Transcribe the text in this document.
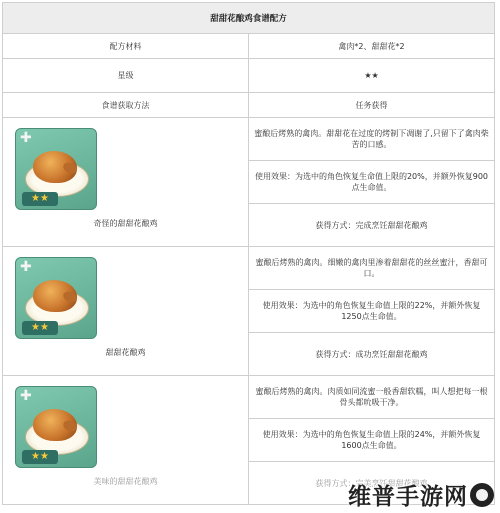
甜甜花酿鸡食谱配方	
配方材料	禽肉*2、甜甜花*2
星级	★★
食谱获取方法	任务获得

✚
★★
奇怪的甜甜花酿鸡	蜜酿后烤熟的禽肉。甜甜花在过度的烤制下凋谢了,只留下了禽肉柴苦的口感。
	使用效果：为选中的角色恢复生命值上限的20%，并额外恢复900点生命值。
	获得方式：完成烹饪甜甜花酿鸡

✚
★★
甜甜花酿鸡	蜜酿后烤熟的禽肉。细嫩的禽肉里渗着甜甜花的丝丝蜜汁，香甜可口。
	使用效果：为选中的角色恢复生命值上限的22%，并额外恢复1250点生命值。
	获得方式：成功烹饪甜甜花酿鸡

✚
★★
美味的甜甜花酿鸡	蜜酿后烤熟的禽肉。肉质如同流蜜一般香甜软糯，叫人想把每一根骨头都吮吸干净。
	使用效果：为选中的角色恢复生命值上限的24%，并额外恢复1600点生命值。
	获得方式：完美烹饪甜甜花酿鸡
维普手游网
